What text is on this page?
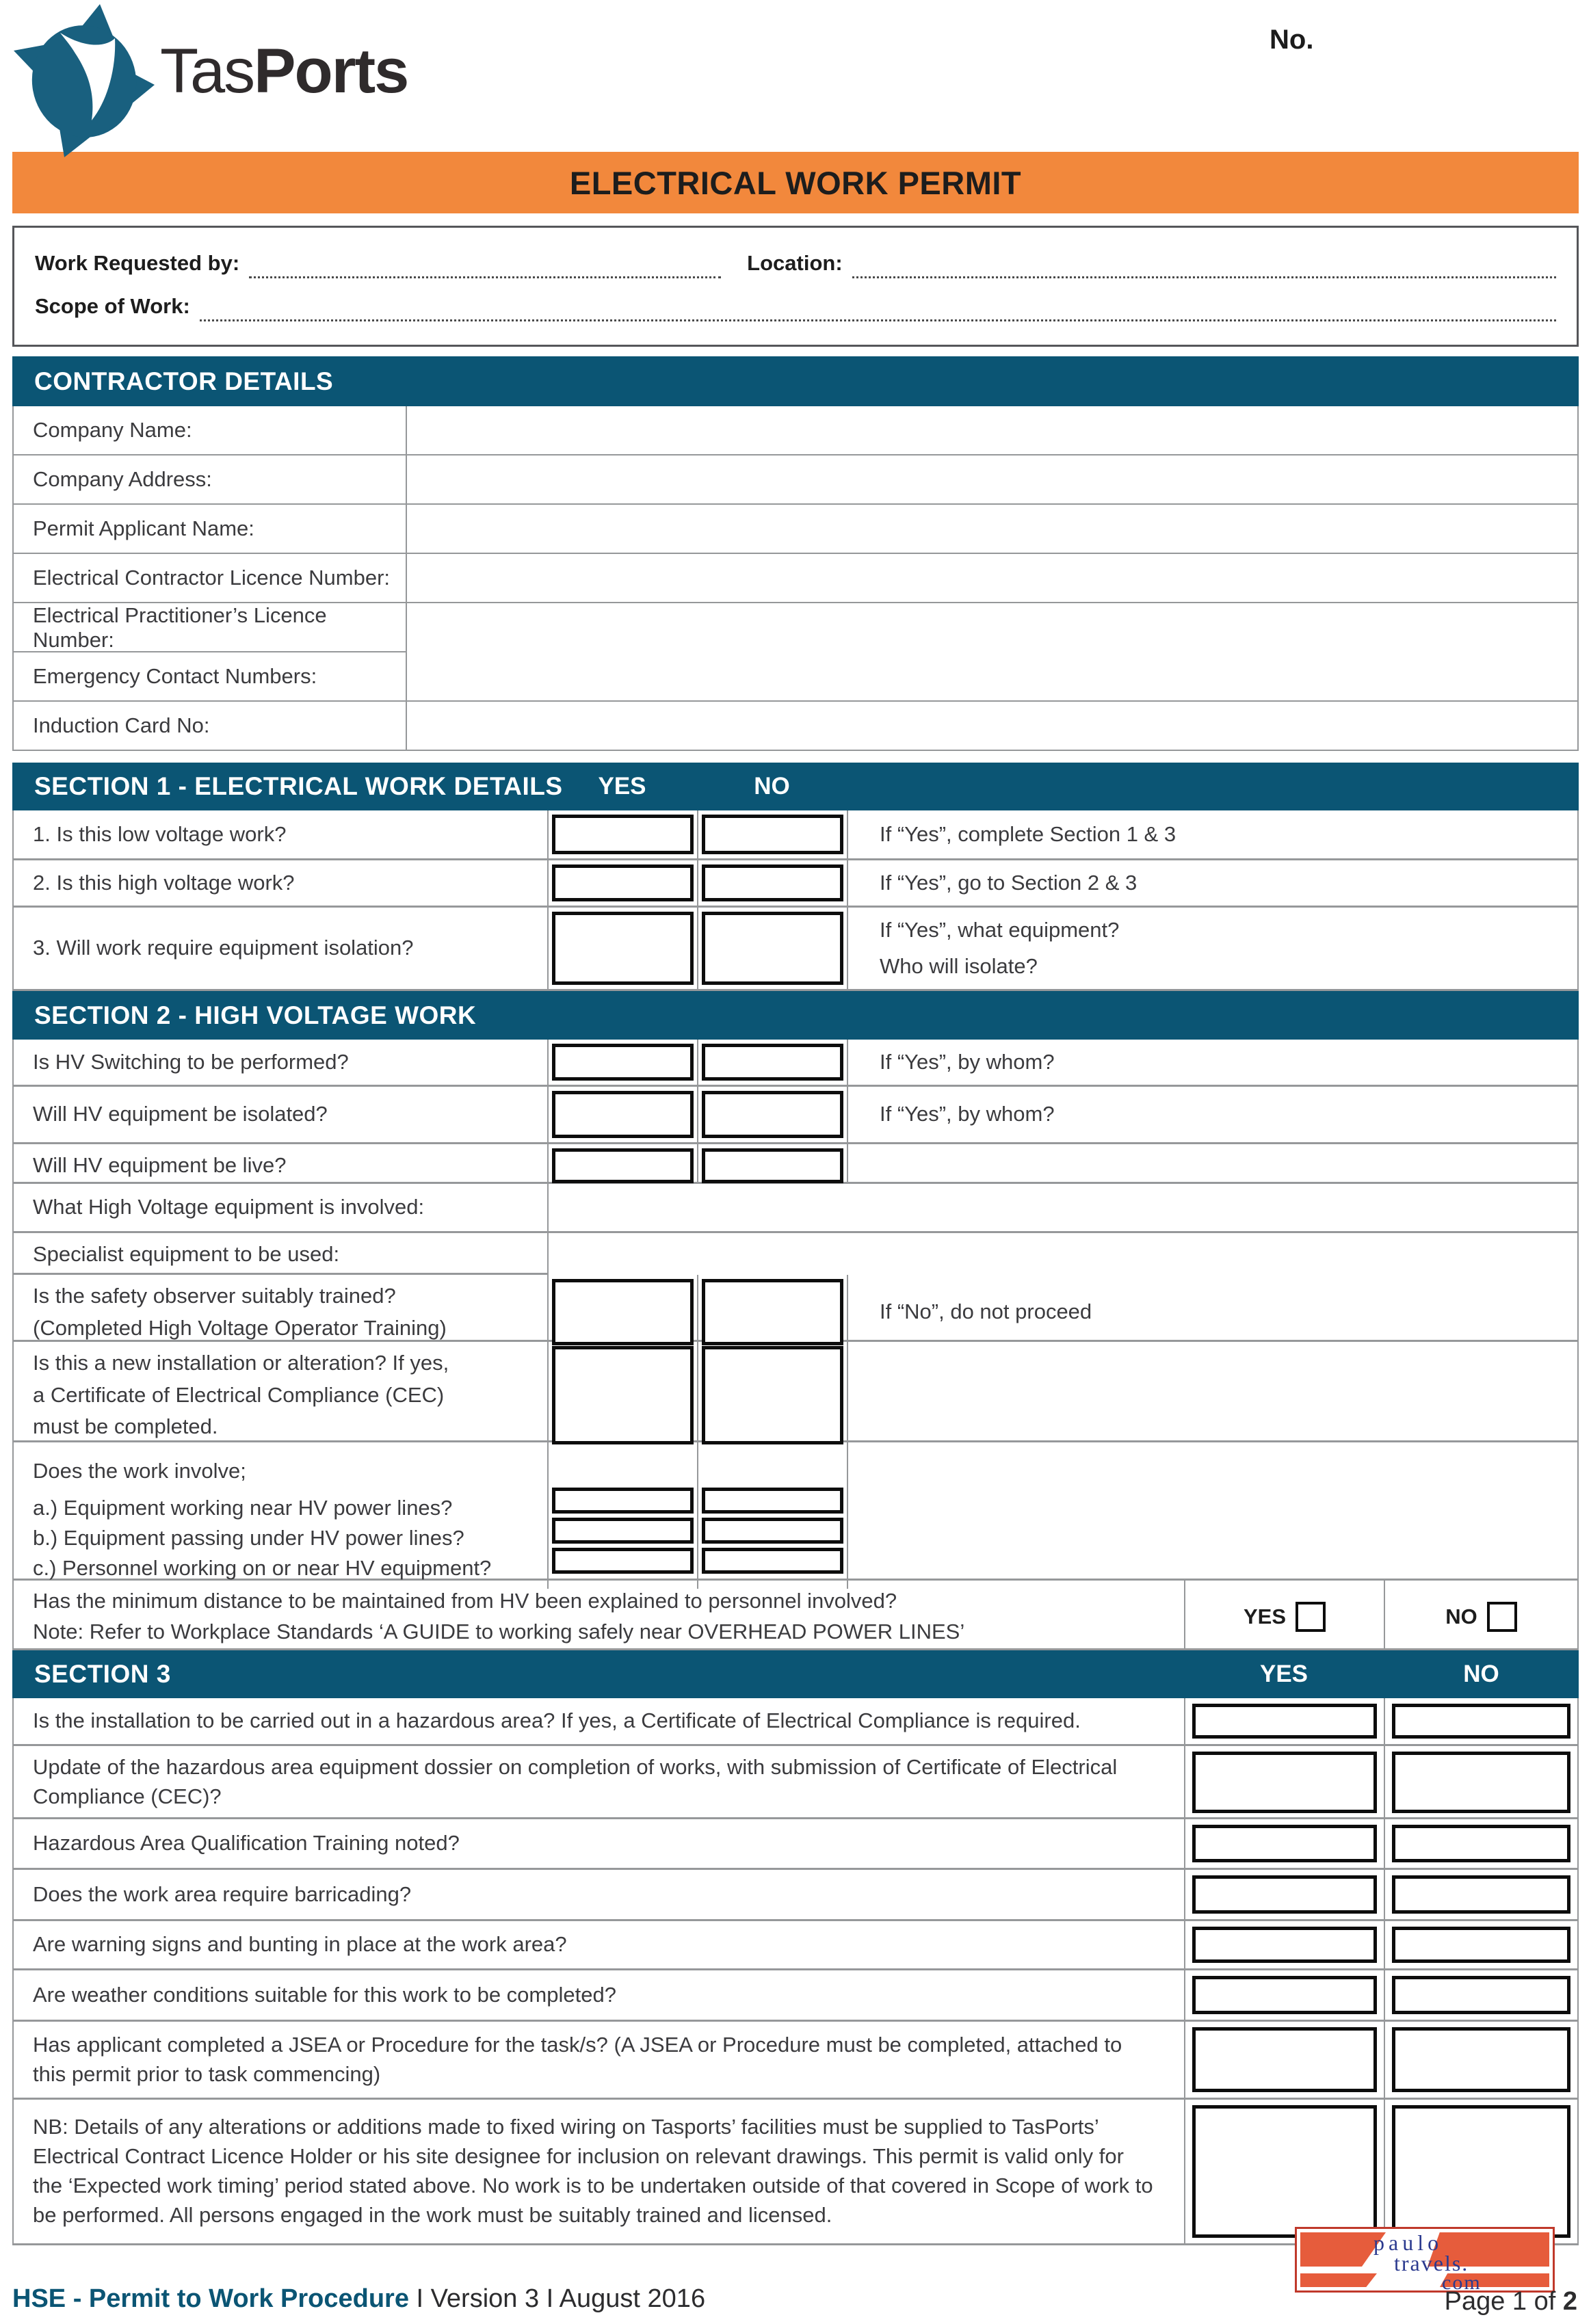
TasPorts	No.
ELECTRICAL WORK PERMIT
Work Requested by:	Location:
Scope of Work:
CONTRACTOR DETAILS
Company Name:
Company Address:
Permit Applicant Name:
Electrical Contractor Licence Number:
Electrical Practitioner’s Licence Number:
Emergency Contact Numbers:
Induction Card No:
SECTION 1 - ELECTRICAL WORK DETAILS	YES	NO
1. Is this low voltage work?	If “Yes”, complete Section 1 & 3
2. Is this high voltage work?	If “Yes”, go to Section 2 & 3
3. Will work require equipment isolation?
If “Yes”, what equipment?
Who will isolate?
SECTION 2 - HIGH VOLTAGE WORK
Is HV Switching to be performed?	If “Yes”, by whom?
Will HV equipment be isolated?	If “Yes”, by whom?
Will HV equipment be live?
What High Voltage equipment is involved:
Specialist equipment to be used:
Is the safety observer suitably trained?
(Completed High Voltage Operator Training)
If “No”, do not proceed
Is this a new installation or alteration? If yes,
a Certificate of Electrical Compliance (CEC)
must be completed.
Does the work involve;
a.) Equipment working near HV power lines?
b.) Equipment passing under HV power lines?
c.) Personnel working on or near HV equipment?
Has the minimum distance to be maintained from HV been explained to personnel involved?
Note: Refer to Workplace Standards ‘A GUIDE to working safely near OVERHEAD POWER LINES’
YES	NO
SECTION 3	YES	NO
Is the installation to be carried out in a hazardous area? If yes, a Certificate of Electrical Compliance is required.
Update of the hazardous area equipment dossier on completion of works, with submission of Certificate of Electrical Compliance (CEC)?
Hazardous Area Qualification Training noted?
Does the work area require barricading?
Are warning signs and bunting in place at the work area?
Are weather conditions suitable for this work to be completed?
Has applicant completed a JSEA or Procedure for the task/s? (A JSEA or Procedure must be completed, attached to this permit prior to task commencing)
NB: Details of any alterations or additions made to fixed wiring on Tasports’ facilities must be supplied to TasPorts’ Electrical Contract Licence Holder or his site designee for inclusion on relevant drawings. This permit is valid only for the ‘Expected work timing’ period stated above. No work is to be undertaken outside of that covered in Scope of work to be performed. All persons engaged in the work must be suitably trained and licensed.
paulo
travels.
com
HSE - Permit to Work Procedure I Version 3 I August 2016	Page 1 of 2
